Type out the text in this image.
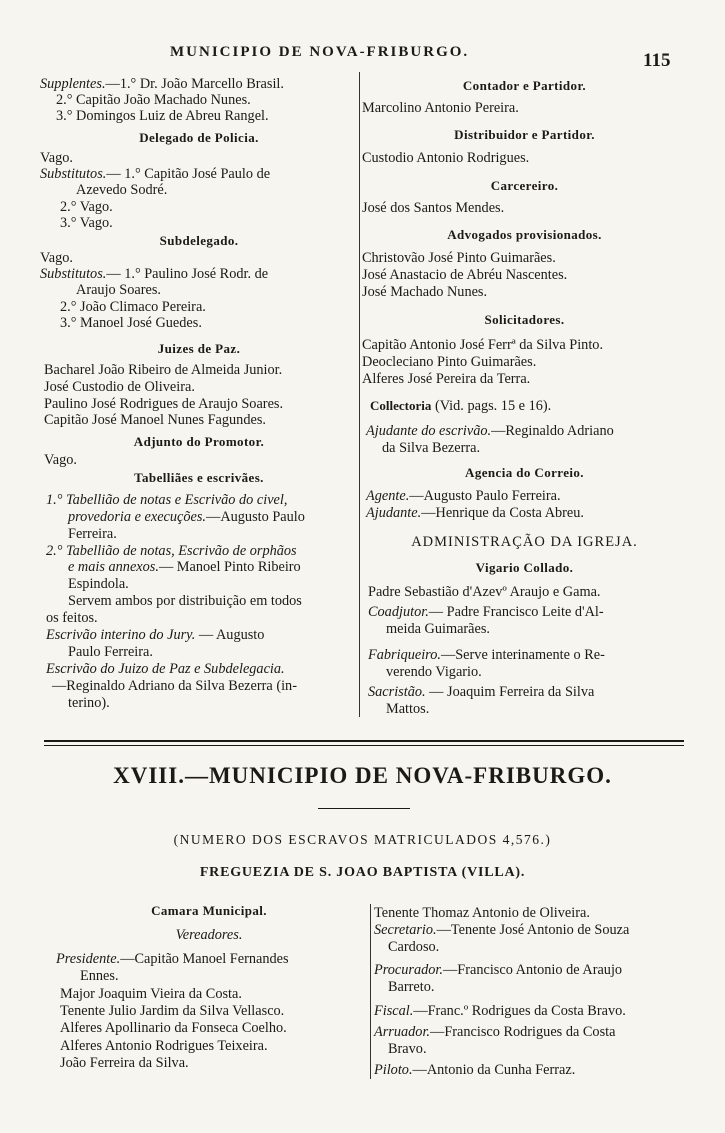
MUNICIPIO DE NOVA-FRIBURGO.	115
Supplentes.—1.° Dr. João Marcello Brasil.
2.° Capitão João Machado Nunes.
3.° Domingos Luiz de Abreu Rangel.
Delegado de Policia.
Vago.
Substitutos.— 1.° Capitão José Paulo de
Azevedo Sodré.
2.° Vago.
3.° Vago.
Subdelegado.
Vago.
Substitutos.— 1.° Paulino José Rodr. de
Araujo Soares.
2.° João Climaco Pereira.
3.° Manoel José Guedes.
Juizes de Paz.
Bacharel João Ribeiro de Almeida Junior.
José Custodio de Oliveira.
Paulino José Rodrigues de Araujo Soares.
Capitão José Manoel Nunes Fagundes.
Adjunto do Promotor.
Vago.
Tabelliães e escrivães.
1.° Tabellião de notas e Escrivão do civel,
provedoria e execuções.—Augusto Paulo
Ferreira.
2.° Tabellião de notas, Escrivão de orphãos
e mais annexos.— Manoel Pinto Ribeiro
Espindola.
Servem ambos por distribuição em todos
os feitos.
Escrivão interino do Jury. — Augusto
Paulo Ferreira.
Escrivão do Juizo de Paz e Subdelegacia.
—Reginaldo Adriano da Silva Bezerra (in-
terino).
Contador e Partidor.
Marcolino Antonio Pereira.
Distribuidor e Partidor.
Custodio Antonio Rodrigues.
Carcereiro.
José dos Santos Mendes.
Advogados provisionados.
Christovão José Pinto Guimarães.
José Anastacio de Abréu Nascentes.
José Machado Nunes.
Solicitadores.
Capitão Antonio José Ferrª da Silva Pinto.
Deocleciano Pinto Guimarães.
Alferes José Pereira da Terra.
Collectoria (Vid. pags. 15 e 16).
Ajudante do escrivão.—Reginaldo Adriano
da Silva Bezerra.
Agencia do Correio.
Agente.—Augusto Paulo Ferreira.
Ajudante.—Henrique da Costa Abreu.
ADMINISTRAÇÃO DA IGREJA.
Vigario Collado.
Padre Sebastião d'Azevº Araujo e Gama.
Coadjutor.— Padre Francisco Leite d'Al-
meida Guimarães.
Fabriqueiro.—Serve interinamente o Re-
verendo Vigario.
Sacristão. — Joaquim Ferreira da Silva
Mattos.
XVIII.—MUNICIPIO DE NOVA-FRIBURGO.
(NUMERO DOS ESCRAVOS MATRICULADOS 4,576.)
FREGUEZIA DE S. JOAO BAPTISTA (VILLA).
Camara Municipal.
Vereadores.
Presidente.—Capitão Manoel Fernandes
Ennes.
Major Joaquim Vieira da Costa.
Tenente Julio Jardim da Silva Vellasco.
Alferes Apollinario da Fonseca Coelho.
Alferes Antonio Rodrigues Teixeira.
João Ferreira da Silva.
Tenente Thomaz Antonio de Oliveira.
Secretario.—Tenente José Antonio de Souza
Cardoso.
Procurador.—Francisco Antonio de Araujo
Barreto.
Fiscal.—Franc.º Rodrigues da Costa Bravo.
Arruador.—Francisco Rodrigues da Costa
Bravo.
Piloto.—Antonio da Cunha Ferraz.
